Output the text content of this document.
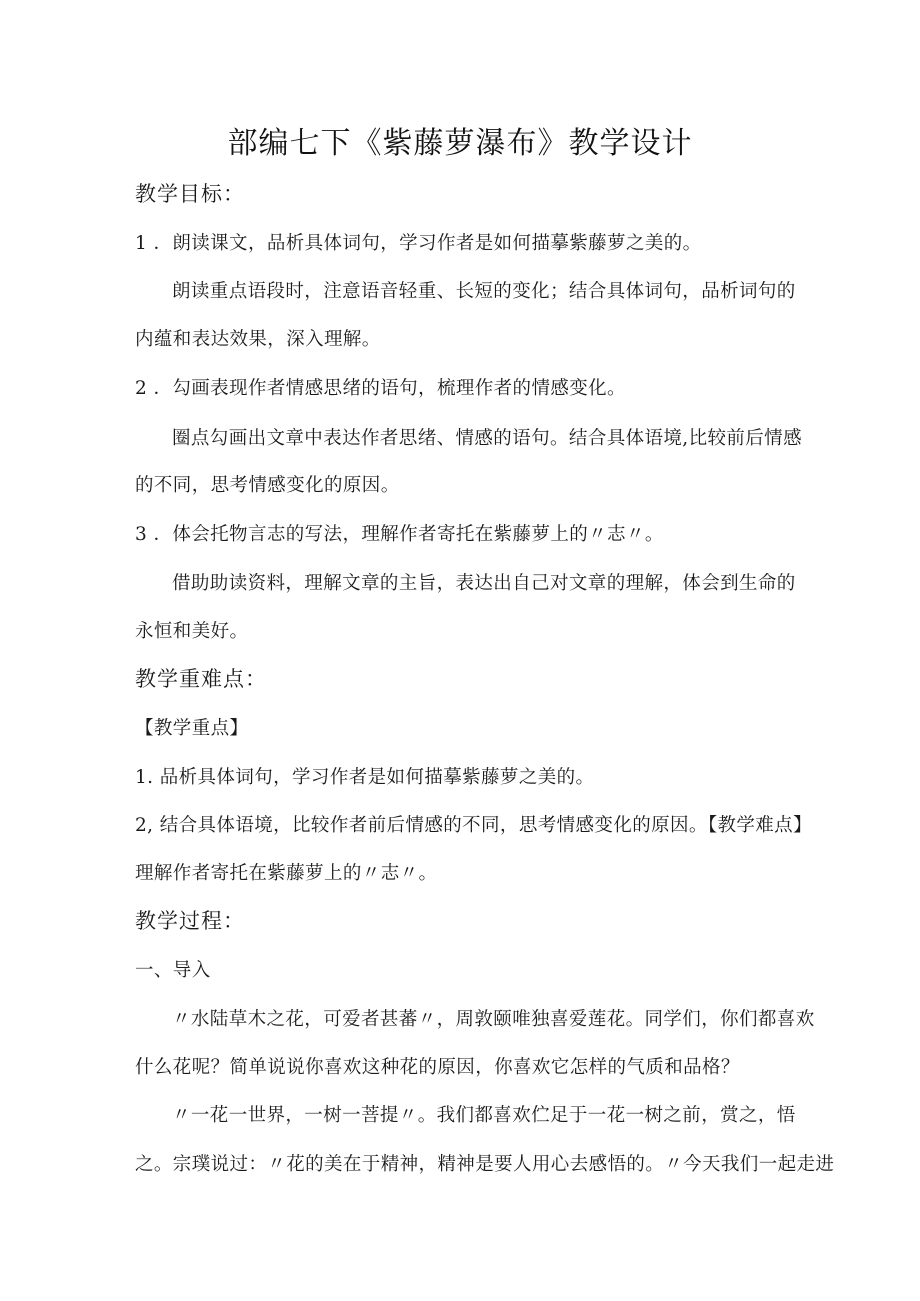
部编七下《紫藤萝瀑布》教学设计
教学目标：
1 ．朗读课文，品析具体词句，学习作者是如何描摹紫藤萝之美的。
朗读重点语段时，注意语音轻重、长短的变化；结合具体词句，品析词句的
内蕴和表达效果，深入理解。
2 ．勾画表现作者情感思绪的语句，梳理作者的情感变化。
圈点勾画出文章中表达作者思绪、情感的语句。结合具体语境,比较前后情感
的不同，思考情感变化的原因。
3 ．体会托物言志的写法，理解作者寄托在紫藤萝上的〃志〃。
借助助读资料，理解文章的主旨，表达出自己对文章的理解，体会到生命的
永恒和美好。
教学重难点：
【教学重点】
1. 品析具体词句，学习作者是如何描摹紫藤萝之美的。
2, 结合具体语境，比较作者前后情感的不同，思考情感变化的原因。【教学难点】
理解作者寄托在紫藤萝上的〃志〃。
教学过程：
一、导入
〃水陆草木之花，可爱者甚蕃〃，周敦颐唯独喜爱莲花。同学们，你们都喜欢
什么花呢？简单说说你喜欢这种花的原因，你喜欢它怎样的气质和品格？
〃一花一世界，一树一菩提〃。我们都喜欢伫足于一花一树之前，赏之，悟
之。宗璞说过：〃花的美在于精神，精神是要人用心去感悟的。〃今天我们一起走进
